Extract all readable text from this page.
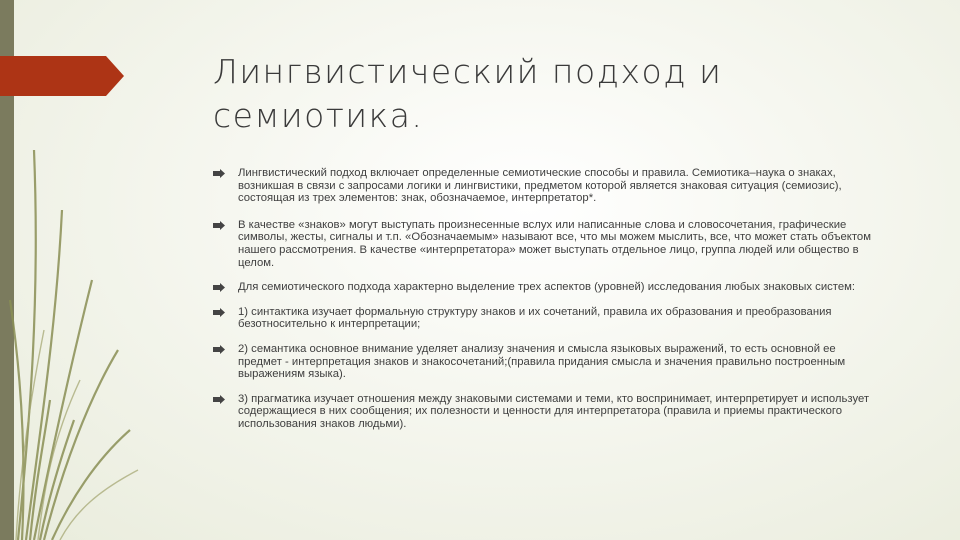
Лингвистический подход и семиотика.
Лингвистический подход включает определенные семиотические способы и правила. Семиотика–наука о знаках, возникшая в связи с запросами логики и лингвистики, предметом которой является знаковая ситуация (семиозис), состоящая из трех элементов: знак, обозначаемое, интерпретатор*.
В качестве «знаков» могут выступать произнесенные вслух или написанные слова и словосочетания, графические символы, жесты, сигналы и т.п. «Обозначаемым» называют все, что мы можем мыслить, все, что может стать объектом нашего рассмотрения. В качестве «интерпретатора» может выступать отдельное лицо, группа людей или общество в целом.
Для семиотического подхода характерно выделение трех аспектов (уровней) исследования любых знаковых систем:
1) синтактика изучает формальную структуру знаков и их сочетаний, правила их образования и преобразования безотносительно к интерпретации;
2) семантика основное внимание уделяет анализу значения и смысла языковых выражений, то есть основной ее предмет - интерпретация знаков и знакосочетаний;(правила придания смысла и значения правильно построенным выражениям языка).
3) прагматика изучает отношения между знаковыми системами и теми, кто воспринимает, интерпретирует и использует содержащиеся в них сообщения; их полезности и ценности для интерпретатора (правила и приемы практического использования знаков людьми).
